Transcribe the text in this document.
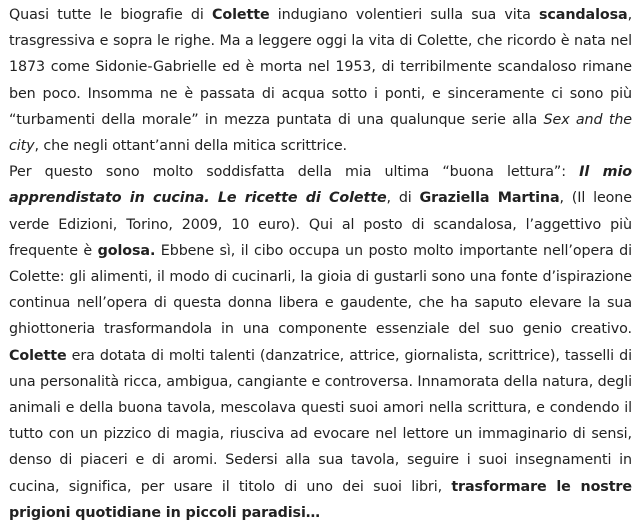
Quasi tutte le biografie di Colette indugiano volentieri sulla sua vita scandalosa, trasgressiva e sopra le righe. Ma a leggere oggi la vita di Colette, che ricordo è nata nel 1873 come Sidonie-Gabrielle ed è morta nel 1953, di terribilmente scandaloso rimane ben poco. Insomma ne è passata di acqua sotto i ponti, e sinceramente ci sono più “turbamenti della morale” in mezza puntata di una qualunque serie alla Sex and the city, che negli ottant’anni della mitica scrittrice.

Per questo sono molto soddisfatta della mia ultima “buona lettura”: Il mio apprendistato in cucina. Le ricette di Colette, di Graziella Martina, (Il leone verde Edizioni, Torino, 2009, 10 euro). Qui al posto di scandalosa, l’aggettivo più frequente è golosa. Ebbene sì, il cibo occupa un posto molto importante nell’opera di Colette: gli alimenti, il modo di cucinarli, la gioia di gustarli sono una fonte d’ispirazione continua nell’opera di questa donna libera e gaudente, che ha saputo elevare la sua ghiottoneria trasformandola in una componente essenziale del suo genio creativo. Colette era dotata di molti talenti (danzatrice, attrice, giornalista, scrittrice), tasselli di una personalità ricca, ambigua, cangiante e controversa. Innamorata della natura, degli animali e della buona tavola, mescolava questi suoi amori nella scrittura, e condendo il tutto con un pizzico di magia, riusciva ad evocare nel lettore un immaginario di sensi, denso di piaceri e di aromi. Sedersi alla sua tavola, seguire i suoi insegnamenti in cucina, significa, per usare il titolo di uno dei suoi libri, trasformare le nostre prigioni quotidiane in piccoli paradisi…
